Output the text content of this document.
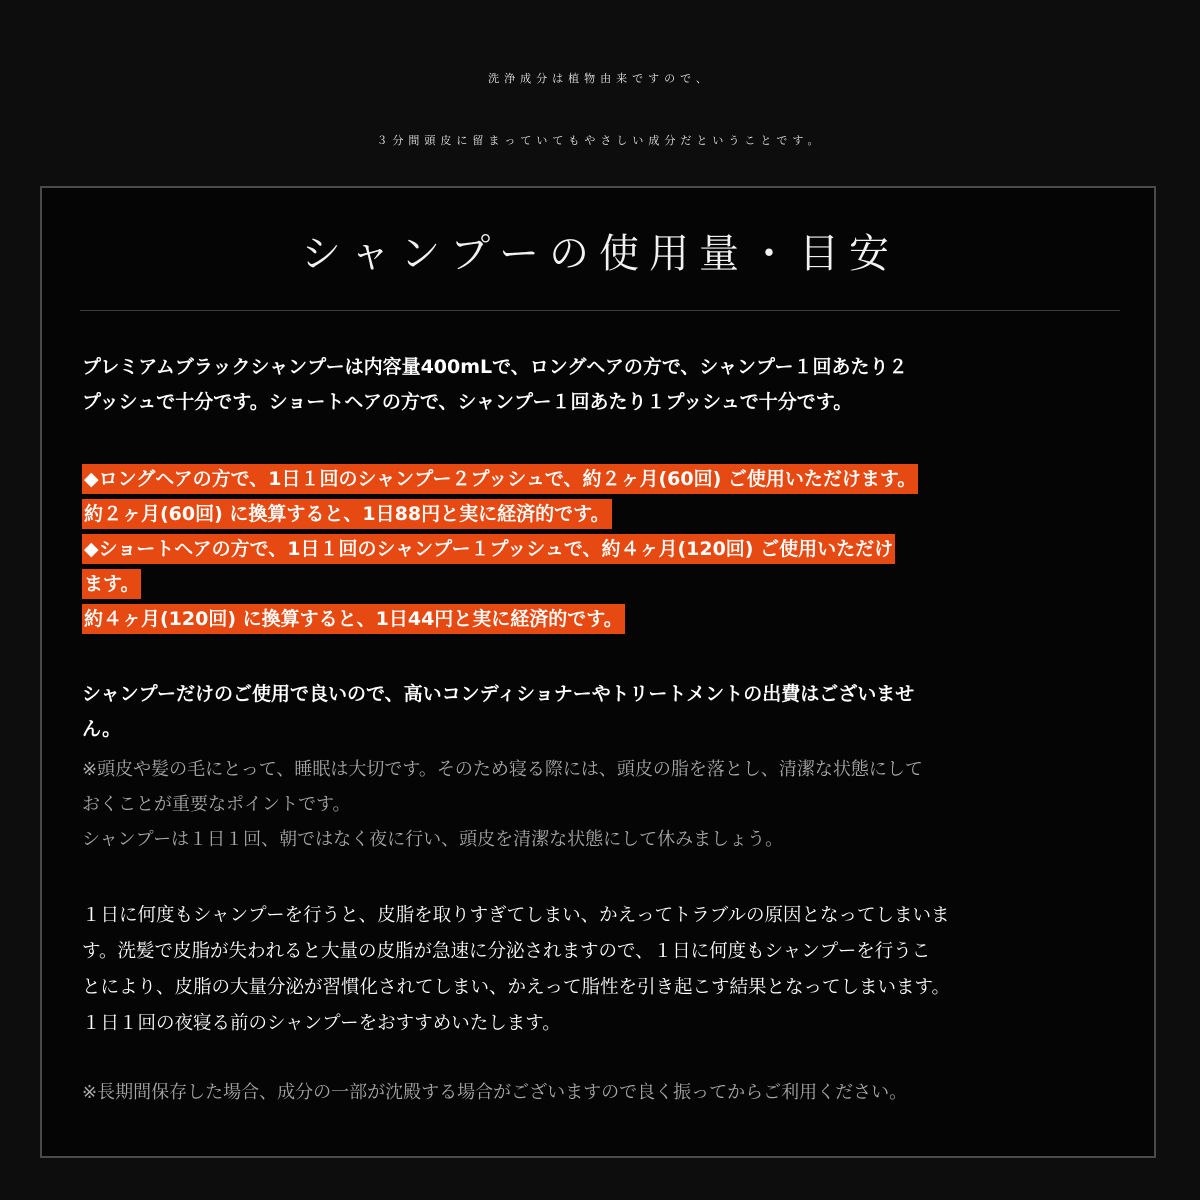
洗浄成分は植物由来ですので、
３分間頭皮に留まっていてもやさしい成分だということです。
シャンプーの使用量・目安
プレミアムブラックシャンプーは内容量400mLで、ロングヘアの方で、シャンプー１回あたり２
プッシュで十分です。ショートヘアの方で、シャンプー１回あたり１プッシュで十分です。
◆ロングヘアの方で、1日１回のシャンプー２プッシュで、約２ヶ月(60回) ご使用いただけます。
約２ヶ月(60回) に換算すると、1日88円と実に経済的です。
◆ショートヘアの方で、1日１回のシャンプー１プッシュで、約４ヶ月(120回) ご使用いただけ
ます。
約４ヶ月(120回) に換算すると、1日44円と実に経済的です。
シャンプーだけのご使用で良いので、高いコンディショナーやトリートメントの出費はございませ
ん。
※頭皮や髪の毛にとって、睡眠は大切です。そのため寝る際には、頭皮の脂を落とし、清潔な状態にして
おくことが重要なポイントです。
シャンプーは１日１回、朝ではなく夜に行い、頭皮を清潔な状態にして休みましょう。
１日に何度もシャンプーを行うと、皮脂を取りすぎてしまい、かえってトラブルの原因となってしまいま
す。洗髪で皮脂が失われると大量の皮脂が急速に分泌されますので、１日に何度もシャンプーを行うこ
とにより、皮脂の大量分泌が習慣化されてしまい、かえって脂性を引き起こす結果となってしまいます。
１日１回の夜寝る前のシャンプーをおすすめいたします。
※長期間保存した場合、成分の一部が沈殿する場合がございますので良く振ってからご利用ください。
